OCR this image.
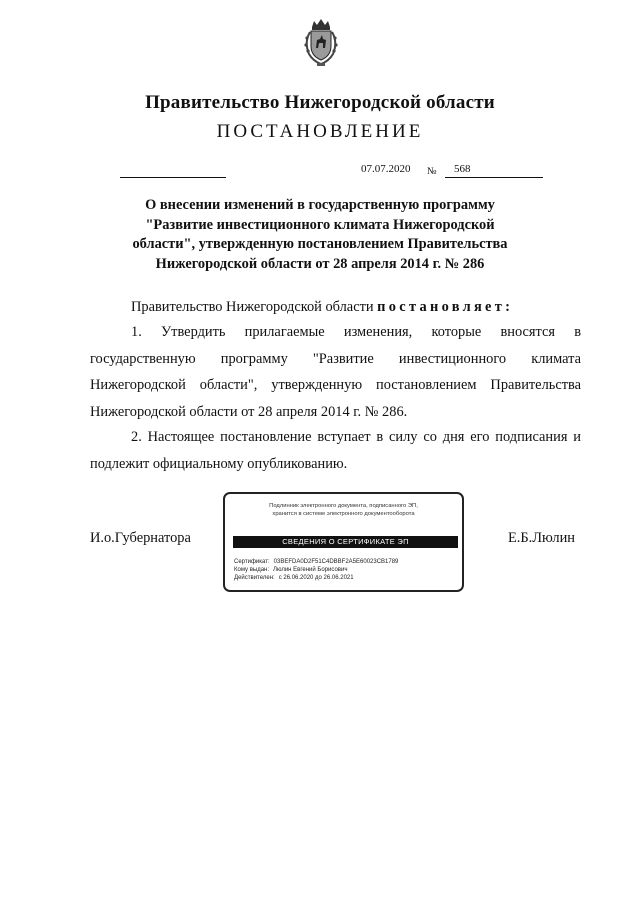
Правительство Нижегородской области
ПОСТАНОВЛЕНИЕ
07.07.2020 № 568
О внесении изменений в государственную программу "Развитие инвестиционного климата Нижегородской области", утвержденную постановлением Правительства Нижегородской области от 28 апреля 2014 г. № 286
Правительство Нижегородской области постановляет:
1. Утвердить прилагаемые изменения, которые вносятся в государственную программу "Развитие инвестиционного климата Нижегородской области", утвержденную постановлением Правительства Нижегородской области от 28 апреля 2014 г. № 286.
2. Настоящее постановление вступает в силу со дня его подписания и подлежит официальному опубликованию.
И.о.Губернатора
Подлинник электронного документа, подписанного ЭП,
хранится в системе электронного документооборота
СВЕДЕНИЯ О СЕРТИФИКАТЕ ЭП
Сертификат: 03BEFDA0D2F51C4DBBF2A5E60023CB1789
Кому выдан: Люлин Евгений Борисович
Действителен: с 26.06.2020 до 26.06.2021
Е.Б.Люлин
